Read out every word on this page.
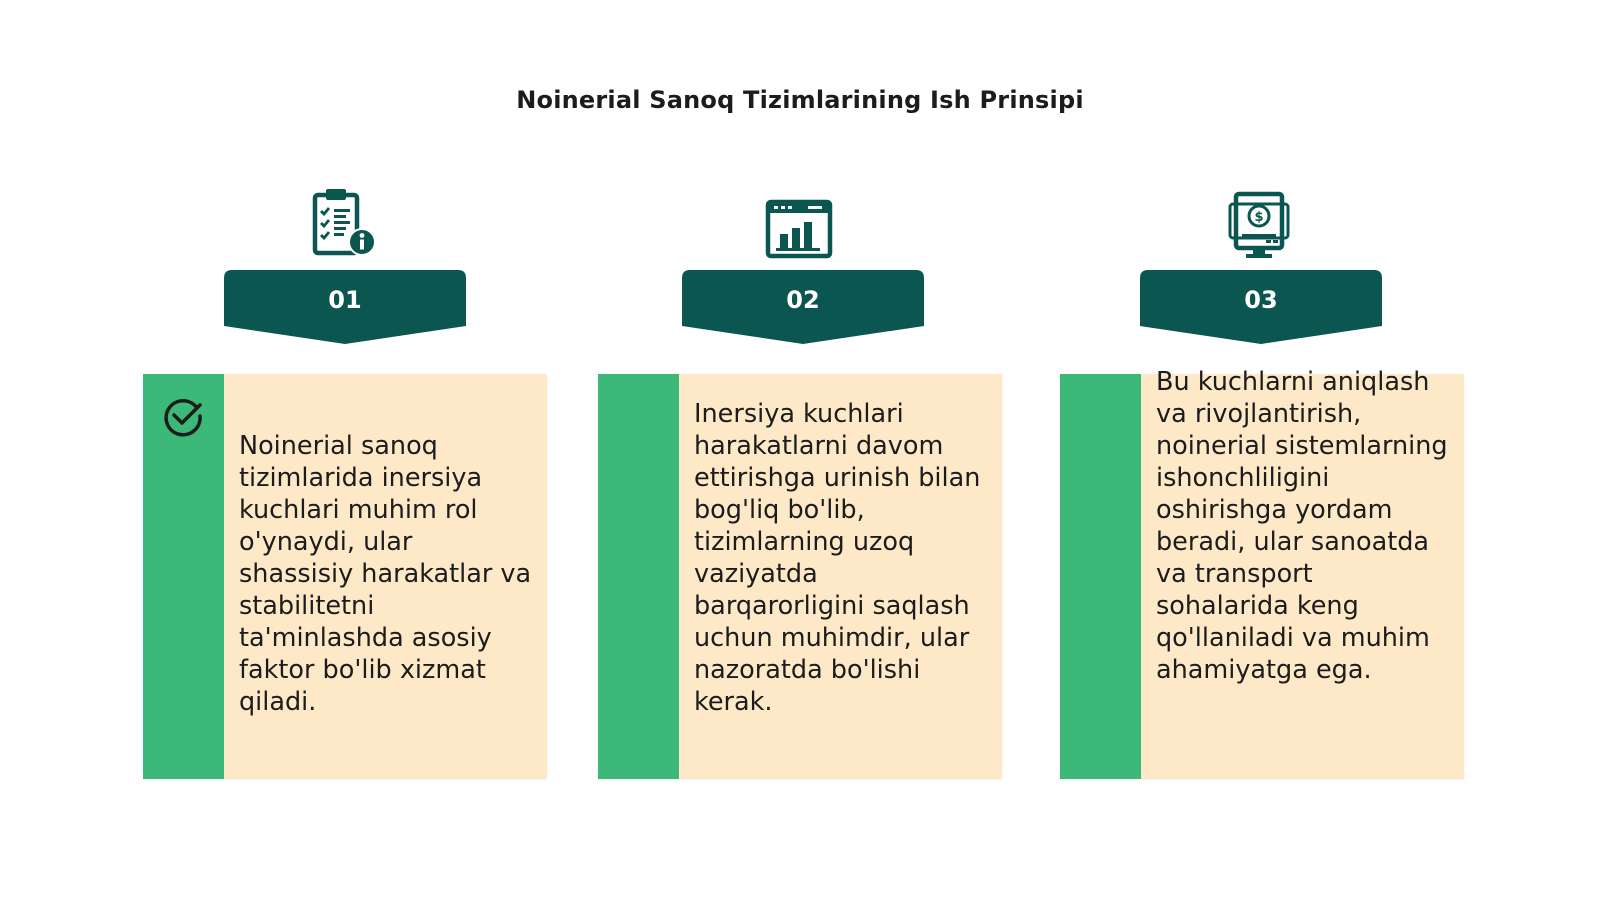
Noinerial Sanoq Tizimlarining Ish Prinsipi
01
Noinerial sanoq tizimlarida inersiya kuchlari muhim rol o'ynaydi, ular shassisiy harakatlar va stabilitetni ta'minlashda asosiy faktor bo'lib xizmat qiladi.
02
Inersiya kuchlari harakatlarni davom ettirishga urinish bilan bog'liq bo'lib, tizimlarning uzoq vaziyatda barqarorligini saqlash uchun muhimdir, ular nazoratda bo'lishi kerak.
$
03
Bu kuchlarni aniqlash va rivojlantirish, noinerial sistemlarning ishonchliligini oshirishga yordam beradi, ular sanoatda va transport sohalarida keng qo'llaniladi va muhim ahamiyatga ega.
